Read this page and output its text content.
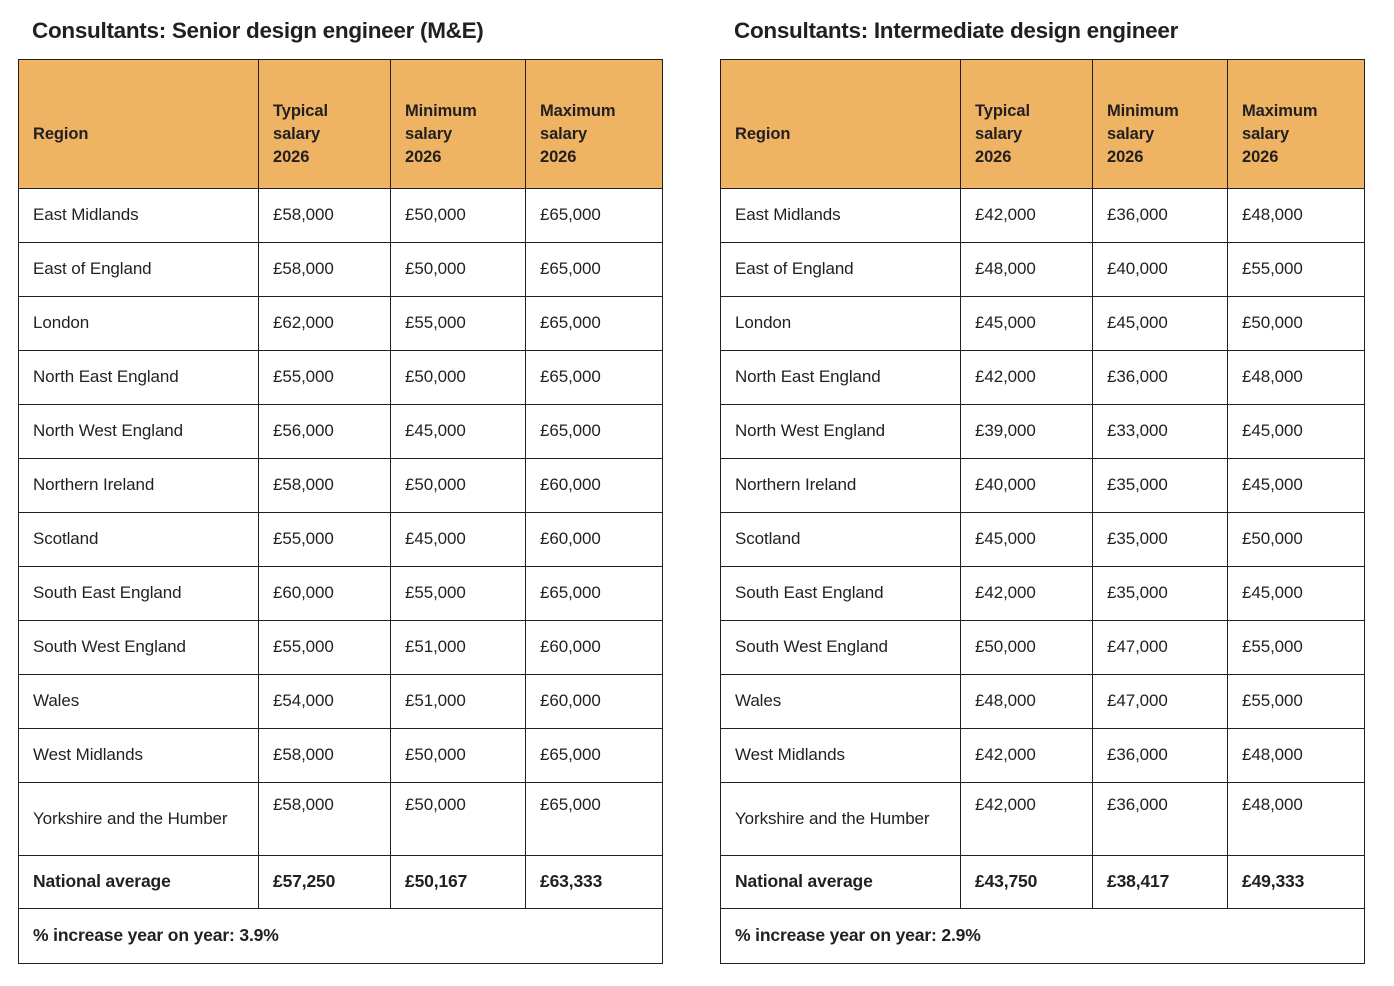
Consultants: Senior design engineer (M&E)
Region	Typical
salary
2026	Minimum
salary
2026	Maximum
salary
2026

East Midlands	£58,000	£50,000	£65,000

East of England	£58,000	£50,000	£65,000

London	£62,000	£55,000	£65,000

North East England	£55,000	£50,000	£65,000

North West England	£56,000	£45,000	£65,000

Northern Ireland	£58,000	£50,000	£60,000

Scotland	£55,000	£45,000	£60,000

South East England	£60,000	£55,000	£65,000

South West England	£55,000	£51,000	£60,000

Wales	£54,000	£51,000	£60,000

West Midlands	£58,000	£50,000	£65,000

Yorkshire and the Humber	£58,000	£50,000	£65,000

National average	£57,250	£50,167	£63,333

% increase year on year: 3.9%			
Consultants: Intermediate design engineer
Region	Typical
salary
2026	Minimum
salary
2026	Maximum
salary
2026

East Midlands	£42,000	£36,000	£48,000

East of England	£48,000	£40,000	£55,000

London	£45,000	£45,000	£50,000

North East England	£42,000	£36,000	£48,000

North West England	£39,000	£33,000	£45,000

Northern Ireland	£40,000	£35,000	£45,000

Scotland	£45,000	£35,000	£50,000

South East England	£42,000	£35,000	£45,000

South West England	£50,000	£47,000	£55,000

Wales	£48,000	£47,000	£55,000

West Midlands	£42,000	£36,000	£48,000

Yorkshire and the Humber	£42,000	£36,000	£48,000

National average	£43,750	£38,417	£49,333

% increase year on year: 2.9%			
